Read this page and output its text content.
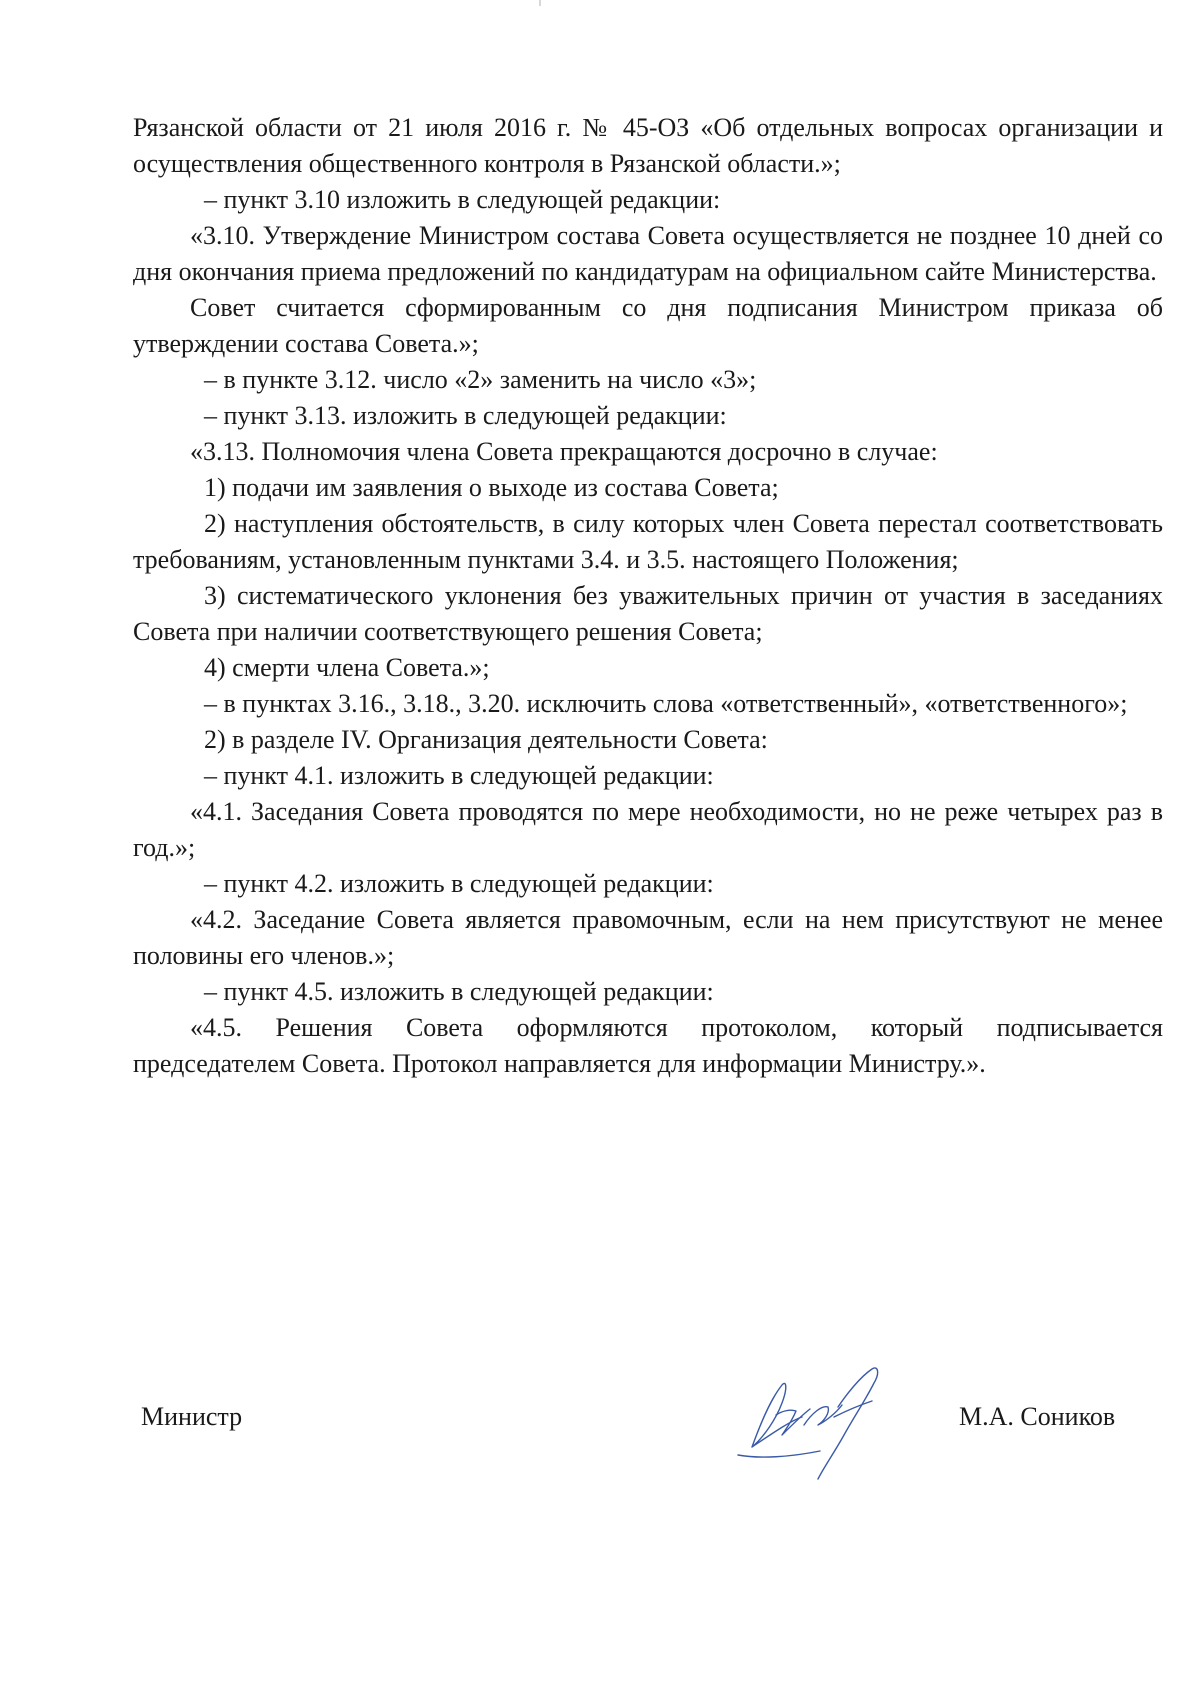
Рязанской области от 21 июля 2016 г. № 45-ОЗ «Об отдельных вопросах организации и осуществления общественного контроля в Рязанской области.»;

– пункт 3.10 изложить в следующей редакции:

«3.10. Утверждение Министром состава Совета осуществляется не позднее 10 дней со дня окончания приема предложений по кандидатурам на официальном сайте Министерства.

Совет считается сформированным со дня подписания Министром приказа об утверждении состава Совета.»;

– в пункте 3.12. число «2» заменить на число «3»;

– пункт 3.13. изложить в следующей редакции:

«3.13. Полномочия члена Совета прекращаются досрочно в случае:

1) подачи им заявления о выходе из состава Совета;

2) наступления обстоятельств, в силу которых член Совета перестал соответствовать требованиям, установленным пунктами 3.4. и 3.5. настоящего Положения;

3) систематического уклонения без уважительных причин от участия в заседаниях Совета при наличии соответствующего решения Совета;

4) смерти члена Совета.»;

– в пунктах 3.16., 3.18., 3.20. исключить слова «ответственный», «ответственного»;

2) в разделе IV. Организация деятельности Совета:

– пункт 4.1. изложить в следующей редакции:

«4.1. Заседания Совета проводятся по мере необходимости, но не реже четырех раз в год.»;

– пункт 4.2. изложить в следующей редакции:

«4.2. Заседание Совета является правомочным, если на нем присутствуют не менее половины его членов.»;

– пункт 4.5. изложить в следующей редакции:

«4.5. Решения Совета оформляются протоколом, который подписывается председателем Совета. Протокол направляется для информации Министру.».

Министр	М.А. Соников
